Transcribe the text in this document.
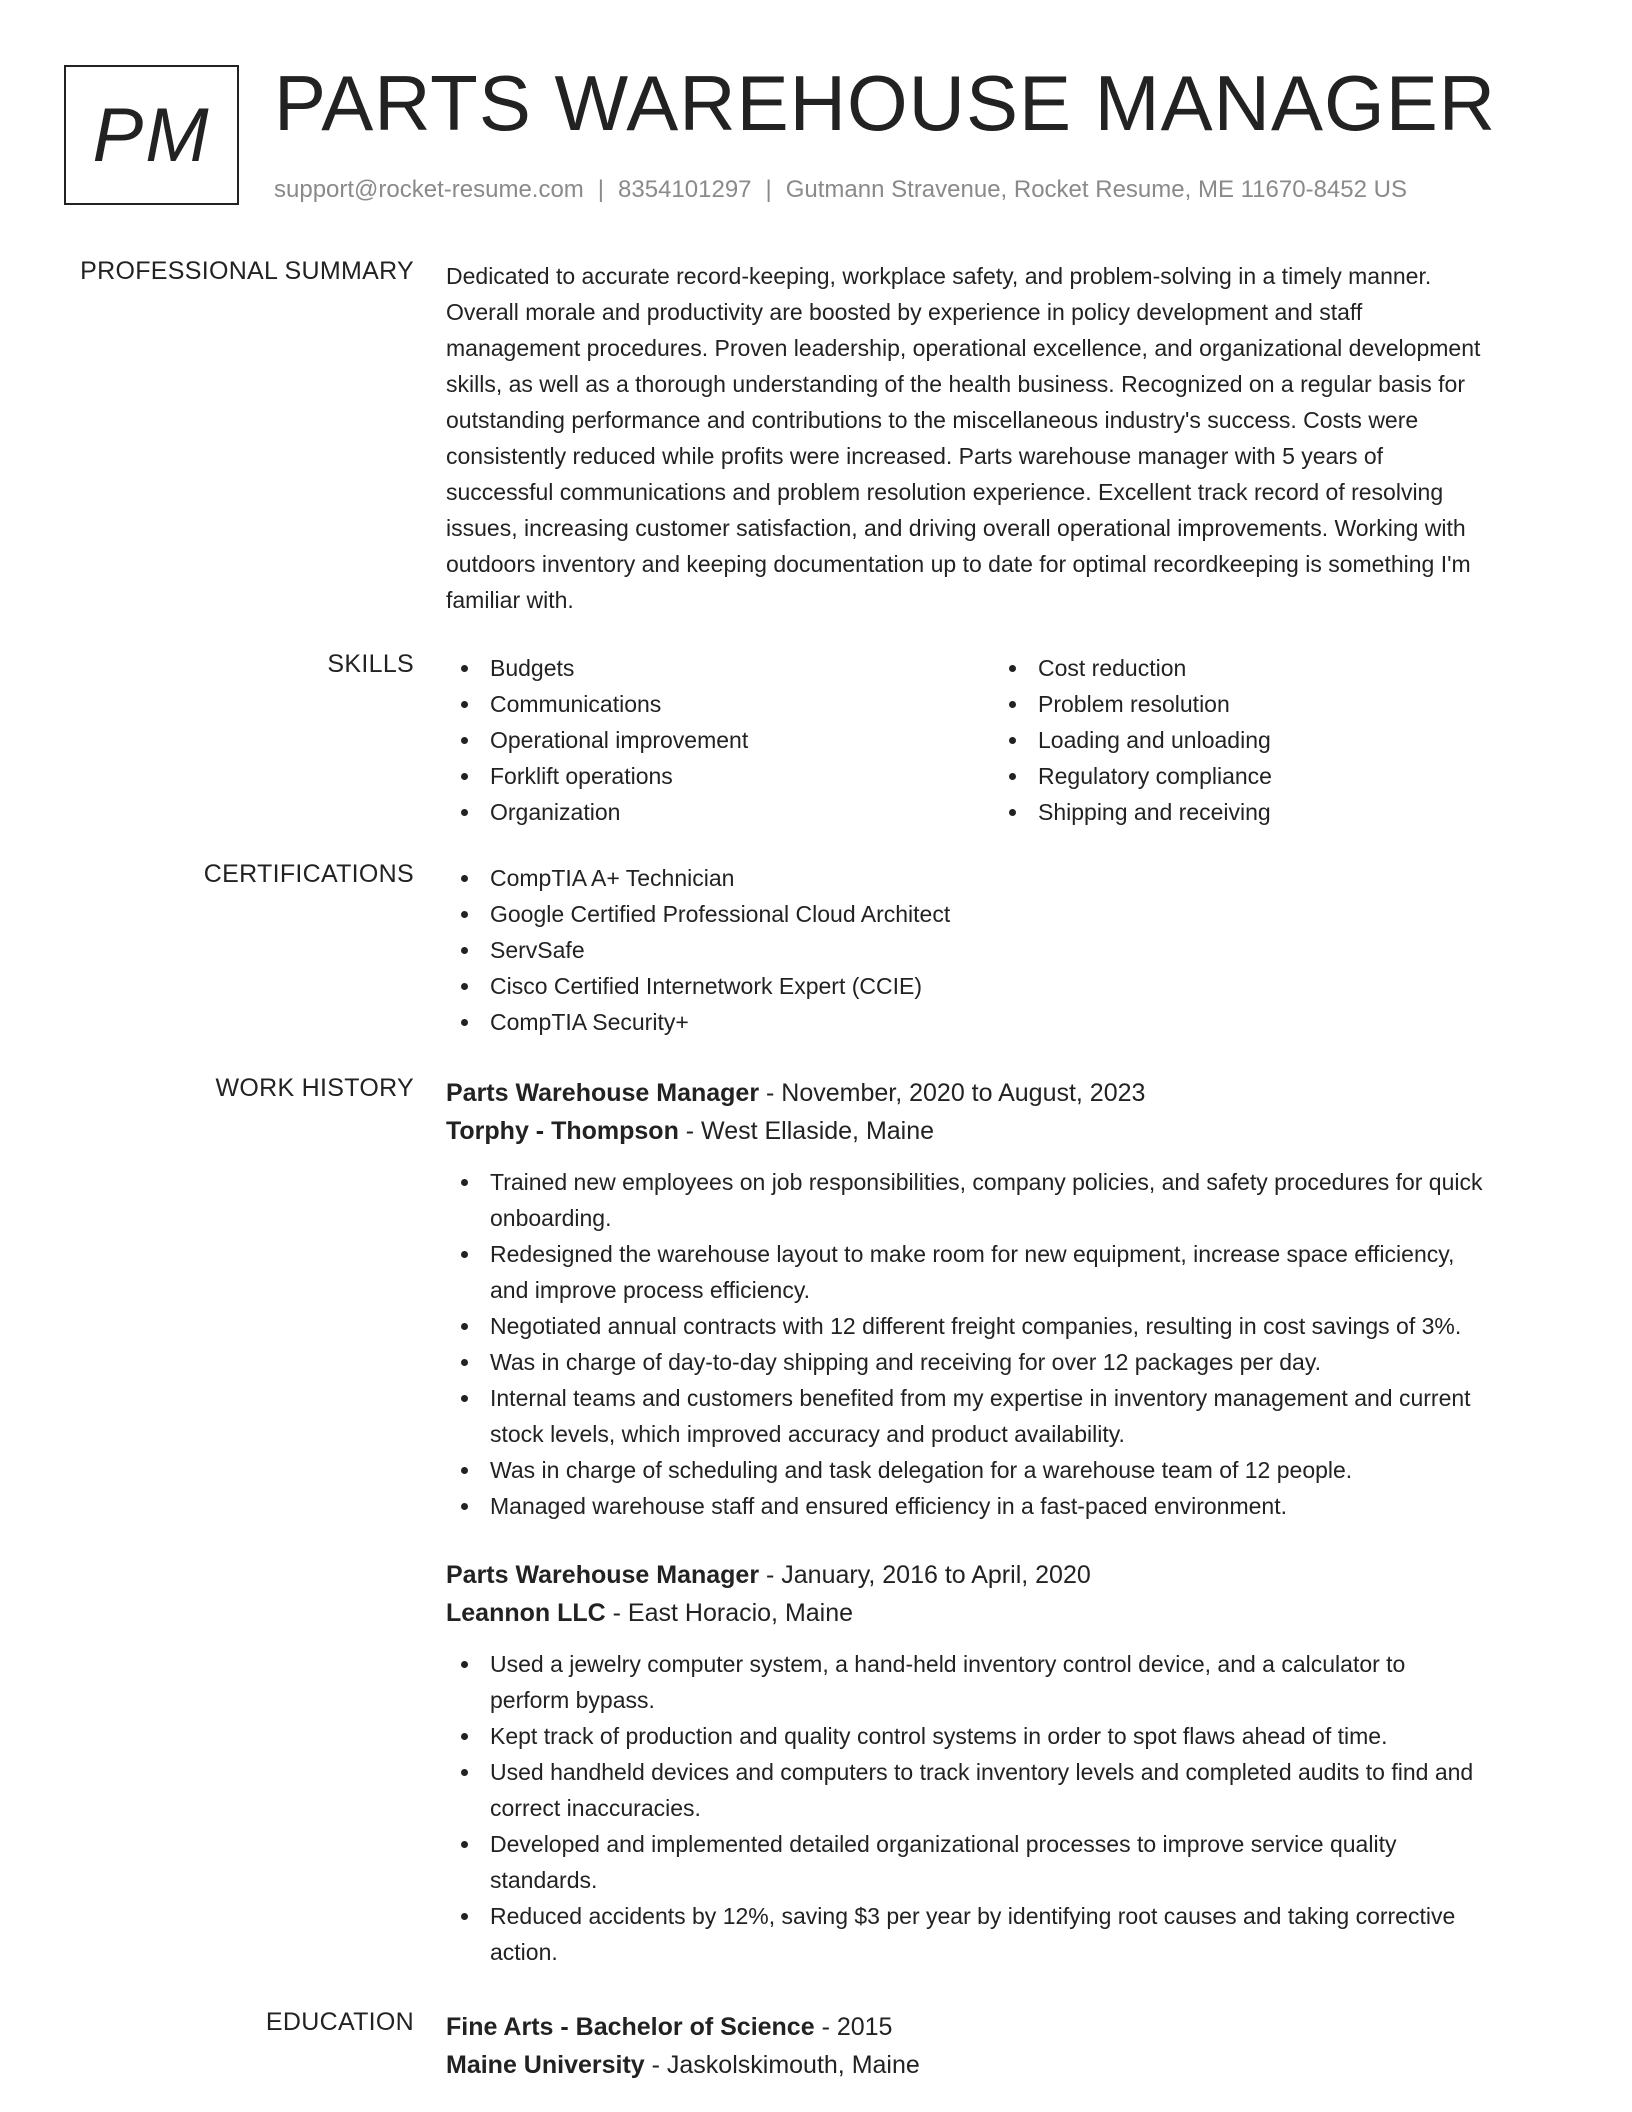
PM PARTS WAREHOUSE MANAGER
support@rocket-resume.com | 8354101297 | Gutmann Stravenue, Rocket Resume, ME 11670-8452 US
PROFESSIONAL SUMMARY Dedicated to accurate record-keeping, workplace safety, and problem-solving in a timely manner.
Overall morale and productivity are boosted by experience in policy development and staff
management procedures. Proven leadership, operational excellence, and organizational development
skills, as well as a thorough understanding of the health business. Recognized on a regular basis for
outstanding performance and contributions to the miscellaneous industry's success. Costs were
consistently reduced while profits were increased. Parts warehouse manager with 5 years of
successful communications and problem resolution experience. Excellent track record of resolving
issues, increasing customer satisfaction, and driving overall operational improvements. Working with
outdoors inventory and keeping documentation up to date for optimal recordkeeping is something I'm
familiar with.
SKILLS	Budgets
Communications
Operational improvement
Forklift operations
Organization
Cost reduction
Problem resolution
Loading and unloading
Regulatory compliance
Shipping and receiving
CERTIFICATIONS	CompTIA A+ Technician
Google Certified Professional Cloud Architect
ServSafe
Cisco Certified Internetwork Expert (CCIE)
CompTIA Security+
WORK HISTORY Parts Warehouse Manager - November, 2020 to August, 2023
Torphy - Thompson - West Ellaside, Maine
Trained new employees on job responsibilities, company policies, and safety procedures for quick
onboarding.
Redesigned the warehouse layout to make room for new equipment, increase space efficiency,
and improve process efficiency.
Negotiated annual contracts with 12 different freight companies, resulting in cost savings of 3%.
Was in charge of day-to-day shipping and receiving for over 12 packages per day.
Internal teams and customers benefited from my expertise in inventory management and current
stock levels, which improved accuracy and product availability.
Was in charge of scheduling and task delegation for a warehouse team of 12 people.
Managed warehouse staff and ensured efficiency in a fast-paced environment.
Parts Warehouse Manager - January, 2016 to April, 2020
Leannon LLC - East Horacio, Maine
Used a jewelry computer system, a hand-held inventory control device, and a calculator to
perform bypass.
Kept track of production and quality control systems in order to spot flaws ahead of time.
Used handheld devices and computers to track inventory levels and completed audits to find and
correct inaccuracies.
Developed and implemented detailed organizational processes to improve service quality
standards.
Reduced accidents by 12%, saving $3 per year by identifying root causes and taking corrective
action.
EDUCATION Fine Arts - Bachelor of Science - 2015
Maine University - Jaskolskimouth, Maine
